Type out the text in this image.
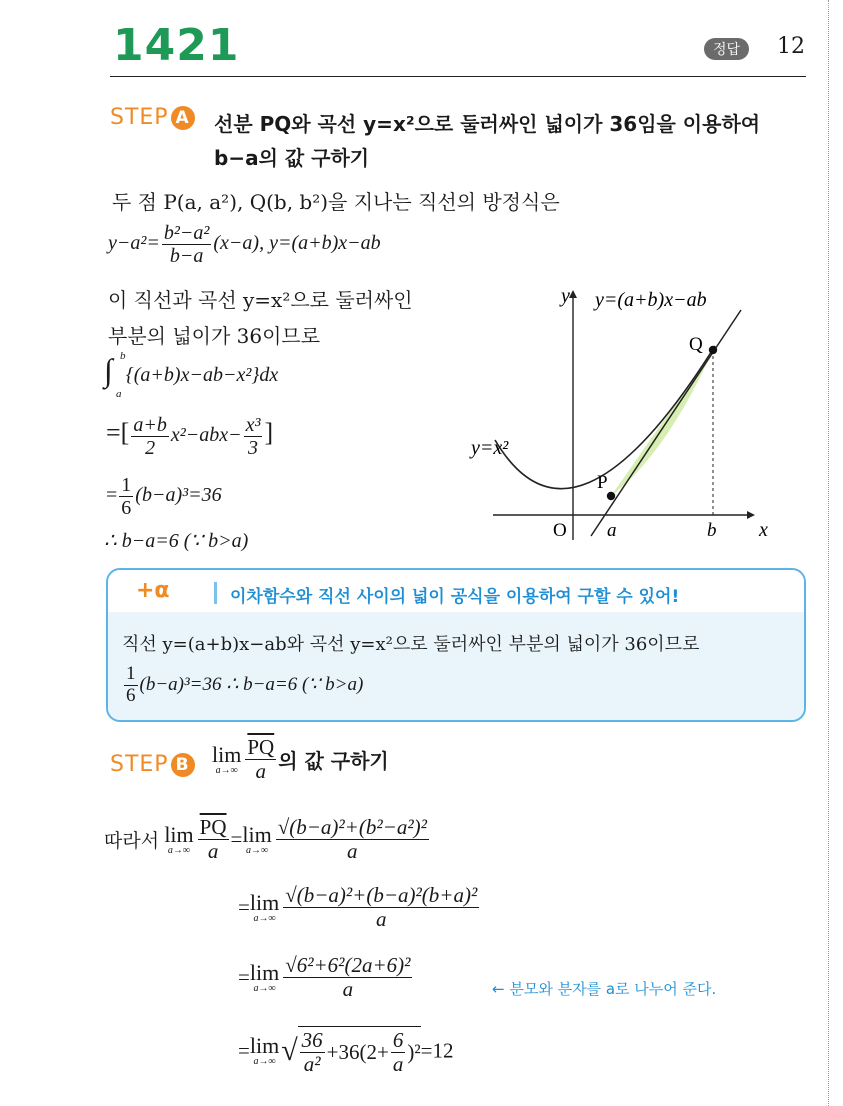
1421	정답	12
STEP A 선분 PQ와 곡선 y=x²으로 둘러싸인 넓이가 36임을 이용하여
b−a의 값 구하기
두 점 P(a, a²), Q(b, b²)을 지나는 직선의 방정식은
$y-a^2= \frac{\text{b²−a²}}{b-a} (x-a)$, y=(a+b)x−ab
이 직선과 곡선 y=x²으로 둘러싸인
부분의 넓이가 36이므로
∫ b
a
{(a+b)x−ab−x²}dx
=[ $\frac{a+b}{2} x^2-abx- \frac{\text{x³}}{3}$ ]
= $\frac{1}{6} (b-a)^3=36$
∴ b−a=6 (∵ b>a)
y
x
y=(a+b)x−ab
y=x²
P
Q
O a	b
+α	이차함수와 직선 사이의 넓이 공식을 이용하여 구할 수 있어!
직선 y=(a+b)x−ab와 곡선 y=x²으로 둘러싸인 부분의 넓이가 36이므로
$\frac{1}{6} (b-a)^3=36$ ∴ b−a=6 (∵ b>a)
STEP B lim
$a\to\infty \frac{\overline{PQ}}{a}$ 의 값 구하기
따라서 lim
$a\to\infty \frac{\overline{PQ}}{a} = \lim$
$a\to\infty \frac{\text{√(b−a)²+(b²−a²)²}}{a}$
= lim
$a\to\infty \frac{\text{√(b−a)²+(b−a)²(b+a)²}}{a}$
= lim
$a\to\infty \frac{\text{√6²+6²(2a+6)²}}{a}$	← 분모와 분자를 a로 나누어 준다.
= lim
a→∞ √ $\frac{36}{\text{a²}} +36(2+ \frac{6}{a} )^2=12$
